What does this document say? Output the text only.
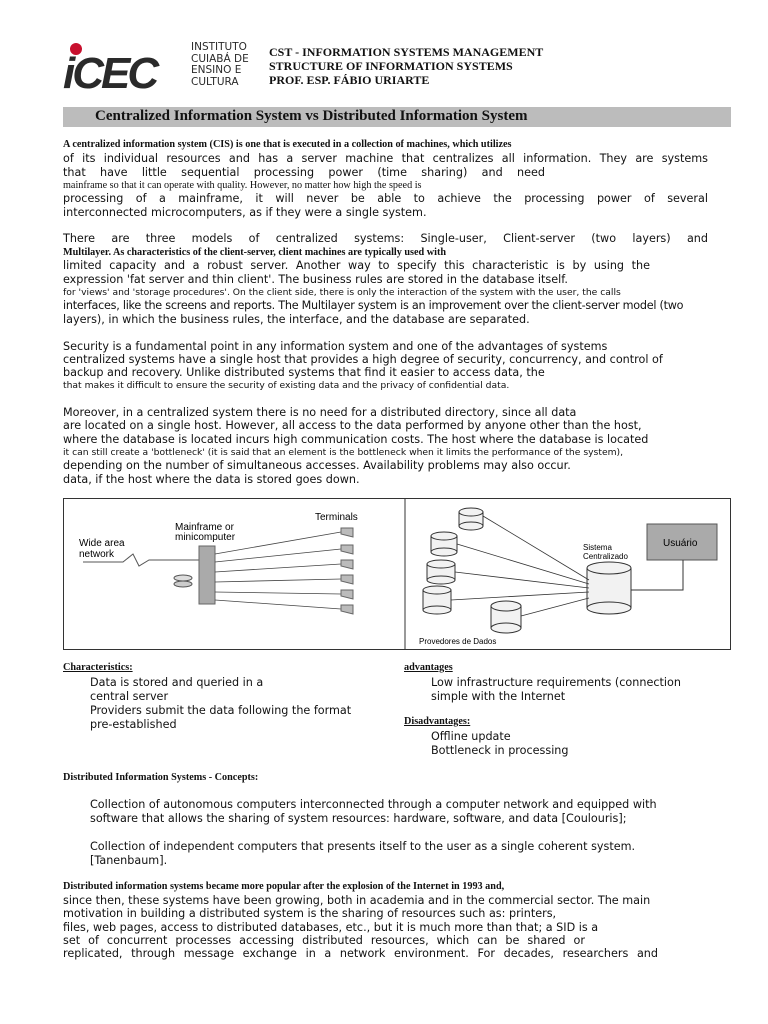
iCEC
INSTITUTO
CUIABÁ DE
ENSINO E
CULTURA
CST - INFORMATION SYSTEMS MANAGEMENT
STRUCTURE OF INFORMATION SYSTEMS
PROF. ESP. FÁBIO URIARTE
Centralized Information System vs Distributed Information System
A centralized information system (CIS) is one that is executed in a collection of machines, which utilizes
of its individual resources and has a server machine that centralizes all information. They are systems
that have little sequential processing power (time sharing) and need
mainframe so that it can operate with quality. However, no matter how high the speed is
processing of a mainframe, it will never be able to achieve the processing power of several
interconnected microcomputers, as if they were a single system.
There are three models of centralized systems: Single-user, Client-server (two layers) and
Multilayer. As characteristics of the client-server, client machines are typically used with
limited capacity and a robust server. Another way to specify this characteristic is by using the
expression 'fat server and thin client'. The business rules are stored in the database itself.
for 'views' and 'storage procedures'. On the client side, there is only the interaction of the system with the user, the calls
interfaces, like the screens and reports. The Multilayer system is an improvement over the client-server model (two
layers), in which the business rules, the interface, and the database are separated.
Security is a fundamental point in any information system and one of the advantages of systems
centralized systems have a single host that provides a high degree of security, concurrency, and control of
backup and recovery. Unlike distributed systems that find it easier to access data, the
that makes it difficult to ensure the security of existing data and the privacy of confidential data.
Moreover, in a centralized system there is no need for a distributed directory, since all data
are located on a single host. However, all access to the data performed by anyone other than the host,
where the database is located incurs high communication costs. The host where the database is located
it can still create a 'bottleneck' (it is said that an element is the bottleneck when it limits the performance of the system),
depending on the number of simultaneous accesses. Availability problems may also occur.
data, if the host where the data is stored goes down.
Wide area
network
Mainframe or
minicomputer
Terminals
Sistema
Centralizado
Usuário
Provedores de Dados
Characteristics:
Data is stored and queried in a
central server
Providers submit the data following the format
pre-established
advantages
Low infrastructure requirements (connection
simple with the Internet
Disadvantages:
Offline update
Bottleneck in processing
Distributed Information Systems - Concepts:
Collection of autonomous computers interconnected through a computer network and equipped with
software that allows the sharing of system resources: hardware, software, and data [Coulouris];
Collection of independent computers that presents itself to the user as a single coherent system.
[Tanenbaum].
Distributed information systems became more popular after the explosion of the Internet in 1993 and,
since then, these systems have been growing, both in academia and in the commercial sector. The main
motivation in building a distributed system is the sharing of resources such as: printers,
files, web pages, access to distributed databases, etc., but it is much more than that; a SID is a
set of concurrent processes accessing distributed resources, which can be shared or
replicated, through message exchange in a network environment. For decades, researchers and
